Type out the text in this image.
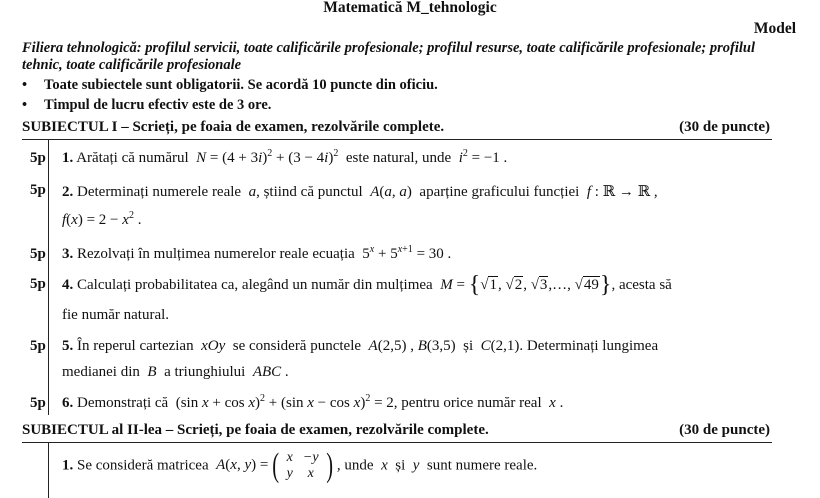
Matematică M_tehnologic
Model
Filiera tehnologică: profilul servicii, toate calificările profesionale; profilul resurse, toate calificările profesionale; profilul tehnic, toate calificările profesionale
• Toate subiectele sunt obligatorii. Se acordă 10 puncte din oficiu.
• Timpul de lucru efectiv este de 3 ore.
SUBIECTUL I – Scrieți, pe foaia de examen, rezolvările complete.	(30 de puncte)
5p 1. Arătați că numărul $N = (4 + 3i)^2 + (3 - 4i)^2$ este natural, unde $i^2 = -1$ .
5p 2. Determinați numerele reale  a, știind că punctul A(a, a)  aparține graficului funcției f : ℝ → ℝ ,
$f(x) = 2 - x^2$ .
5p 3. Rezolvați în mulțimea numerelor reale ecuația  $5^x + 5^{x+1} = 30$ .
5p 4. Calculați probabilitatea ca, alegând un număr din mulțimea M = {√1, √2, √3,…, √49}, acesta să
fie număr natural.
5p 5. În reperul cartezian  xOy  se consideră punctele A(2,5) , B(3,5)  și C(2,1). Determinați lungimea
medianei din  B  a triunghiului  ABC .
5p 6. Demonstrați că  (sin x + cos x)$^2$ + (sin x − cos x)$^2$ = 2, pentru orice număr real  x .
SUBIECTUL al II-lea – Scrieți, pe foaia de examen, rezolvările complete.	(30 de puncte)
1. Se consideră matricea A(x, y) = ( x	−y
y	x ) , unde  x  și  y  sunt numere reale.
